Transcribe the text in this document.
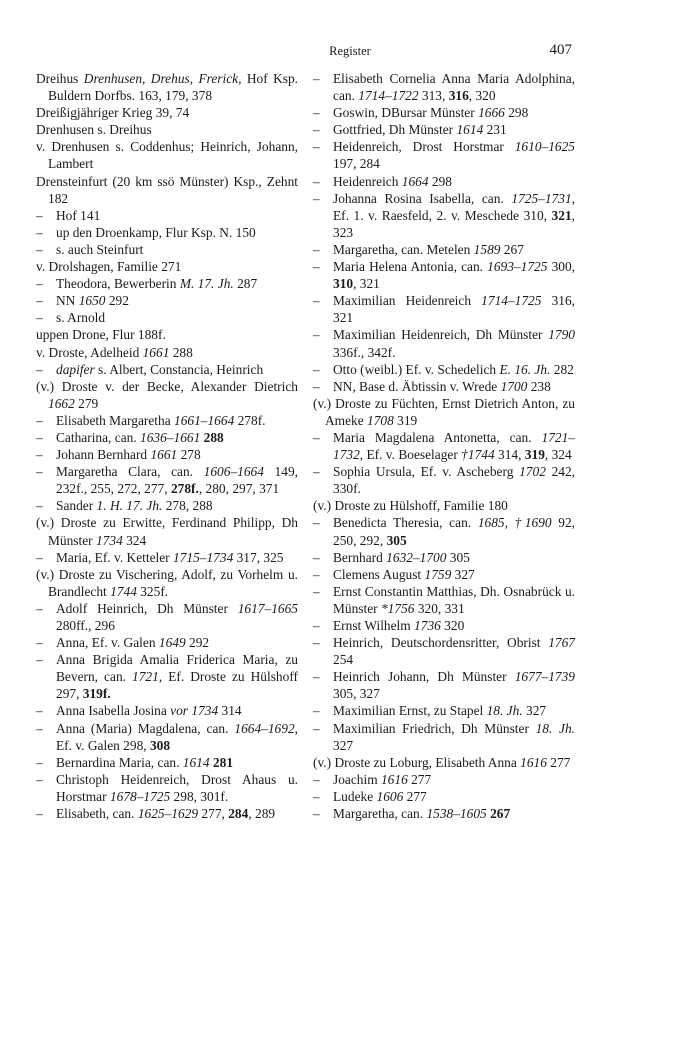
Register	407
Dreihus Drenhusen, Drehus, Frerick, Hof Ksp. Buldern Dorfbs. 163, 179, 378
Dreißigjähriger Krieg 39, 74
Drenhusen s. Dreihus
v. Drenhusen s. Coddenhus; Heinrich, Johann, Lambert
Drensteinfurt (20 km ssö Münster) Ksp., Zehnt 182
– Hof 141
– up den Droenkamp, Flur Ksp. N. 150
– s. auch Steinfurt
v. Drolshagen, Familie 271
– Theodora, Bewerberin M. 17. Jh. 287
– NN 1650 292
– s. Arnold
uppen Drone, Flur 188f.
v. Droste, Adelheid 1661 288
– dapifer s. Albert, Constancia, Heinrich
(v.) Droste v. der Becke, Alexander Dietrich 1662 279
– Elisabeth Margaretha 1661–1664 278f.
– Catharina, can. 1636–1661 288
– Johann Bernhard 1661 278
– Margaretha Clara, can. 1606–1664 149, 232f., 255, 272, 277, 278f., 280, 297, 371
– Sander 1. H. 17. Jh. 278, 288
(v.) Droste zu Erwitte, Ferdinand Philipp, Dh Münster 1734 324
– Maria, Ef. v. Ketteler 1715–1734 317, 325
(v.) Droste zu Vischering, Adolf, zu Vorhelm u. Brandlecht 1744 325f.
– Adolf Heinrich, Dh Münster 1617–1665 280ff., 296
– Anna, Ef. v. Galen 1649 292
– Anna Brigida Amalia Friderica Maria, zu Bevern, can. 1721, Ef. Droste zu Hülshoff 297, 319f.
– Anna Isabella Josina vor 1734 314
– Anna (Maria) Magdalena, can. 1664–1692, Ef. v. Galen 298, 308
– Bernardina Maria, can. 1614 281
– Christoph Heidenreich, Drost Ahaus u. Horstmar 1678–1725 298, 301f.
– Elisabeth, can. 1625–1629 277, 284, 289
– Elisabeth Cornelia Anna Maria Adolphina, can. 1714–1722 313, 316, 320
– Goswin, DBursar Münster 1666 298
– Gottfried, Dh Münster 1614 231
– Heidenreich, Drost Horstmar 1610–1625 197, 284
– Heidenreich 1664 298
– Johanna Rosina Isabella, can. 1725–1731, Ef. 1. v. Raesfeld, 2. v. Meschede 310, 321, 323
– Margaretha, can. Metelen 1589 267
– Maria Helena Antonia, can. 1693–1725 300, 310, 321
– Maximilian Heidenreich 1714–1725 316, 321
– Maximilian Heidenreich, Dh Münster 1790 336f., 342f.
– Otto (weibl.) Ef. v. Schedelich E. 16. Jh. 282
– NN, Base d. Äbtissin v. Wrede 1700 238
(v.) Droste zu Füchten, Ernst Dietrich Anton, zu Ameke 1708 319
– Maria Magdalena Antonetta, can. 1721–1732, Ef. v. Boeselager †1744 314, 319, 324
– Sophia Ursula, Ef. v. Ascheberg 1702 242, 330f.
(v.) Droste zu Hülshoff, Familie 180
– Benedicta Theresia, can. 1685, †1690 92, 250, 292, 305
– Bernhard 1632–1700 305
– Clemens August 1759 327
– Ernst Constantin Matthias, Dh. Osnabrück u. Münster *1756 320, 331
– Ernst Wilhelm 1736 320
– Heinrich, Deutschordensritter, Obrist 1767 254
– Heinrich Johann, Dh Münster 1677–1739 305, 327
– Maximilian Ernst, zu Stapel 18. Jh. 327
– Maximilian Friedrich, Dh Münster 18. Jh. 327
(v.) Droste zu Loburg, Elisabeth Anna 1616 277
– Joachim 1616 277
– Ludeke 1606 277
– Margaretha, can. 1538–1605 267
